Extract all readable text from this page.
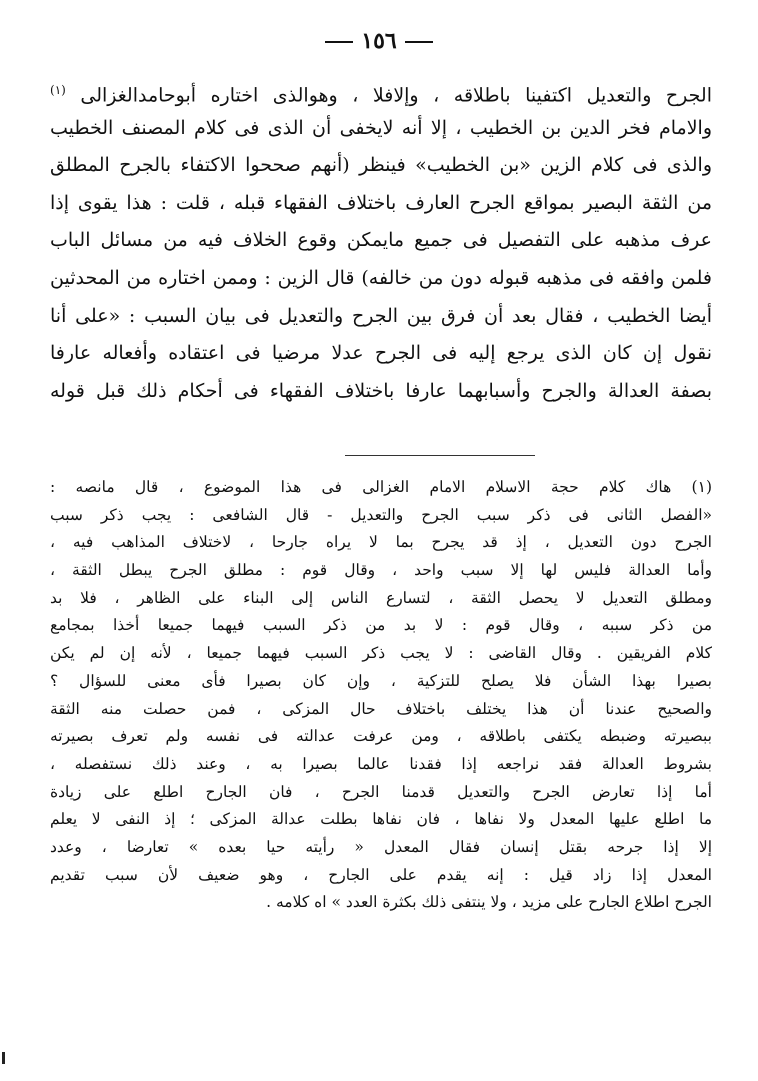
١٥٦
الجرح والتعديل اكتفينا باطلاقه ، وإلافلا ، وهوالذى اختاره أبوحامدالغزالى $^{(١)}$
والامام فخر الدين بن الخطيب ، إلا أنه لايخفى أن الذى فى كلام المصنف الخطيب
والذى فى كلام الزين «بن الخطيب» فينظر (أنهم صححوا الاكتفاء بالجرح المطلق
من الثقة البصير بمواقع الجرح العارف باختلاف الفقهاء قبله ، قلت : هذا يقوى إذا
عرف مذهبه على التفصيل فى جميع مايمكن وقوع الخلاف فيه من مسائل الباب
فلمن وافقه فى مذهبه قبوله دون من خالفه) قال الزين : وممن اختاره من المحدثين
أيضا الخطيب ، فقال بعد أن فرق بين الجرح والتعديل فى بيان السبب : «على أنا
نقول إن كان الذى يرجع إليه فى الجرح عدلا مرضيا فى اعتقاده وأفعاله عارفا
بصفة العدالة والجرح وأسبابهما عارفا باختلاف الفقهاء فى أحكام ذلك قبل قوله
(١) هاك كلام حجة الاسلام الامام الغزالى فى هذا الموضوع ، قال مانصه :
«الفصل الثانى فى ذكر سبب الجرح والتعديل - قال الشافعى : يجب ذكر سبب
الجرح دون التعديل ، إذ قد يجرح بما لا يراه جارحا ، لاختلاف المذاهب فيه ،
وأما العدالة فليس لها إلا سبب واحد ، وقال قوم : مطلق الجرح يبطل الثقة ،
ومطلق التعديل لا يحصل الثقة ، لتسارع الناس إلى البناء على الظاهر ، فلا بد
من ذكر سببه ، وقال قوم : لا بد من ذكر السبب فيهما جميعا أخذا بمجامع
كلام الفريقين . وقال القاضى : لا يجب ذكر السبب فيهما جميعا ، لأنه إن لم يكن
بصيرا بهذا الشأن فلا يصلح للتزكية ، وإن كان بصيرا فأى معنى للسؤال ؟
والصحيح عندنا أن هذا يختلف باختلاف حال المزكى ، فمن حصلت منه الثقة
ببصيرته وضبطه يكتفى باطلاقه ، ومن عرفت عدالته فى نفسه ولم تعرف بصيرته
بشروط العدالة فقد نراجعه إذا فقدنا عالما بصيرا به ، وعند ذلك نستفصله ،
أما إذا تعارض الجرح والتعديل قدمنا الجرح ، فان الجارح اطلع على زيادة
ما اطلع عليها المعدل ولا نفاها ، فان نفاها بطلت عدالة المزكى ؛ إذ النفى لا يعلم
إلا إذا جرحه بقتل إنسان فقال المعدل « رأيته حيا بعده » تعارضا ، وعدد
المعدل إذا زاد قيل : إنه يقدم على الجارح ، وهو ضعيف لأن سبب تقديم
الجرح اطلاع الجارح على مزيد ، ولا ينتفى ذلك بكثرة العدد » اه كلامه .
